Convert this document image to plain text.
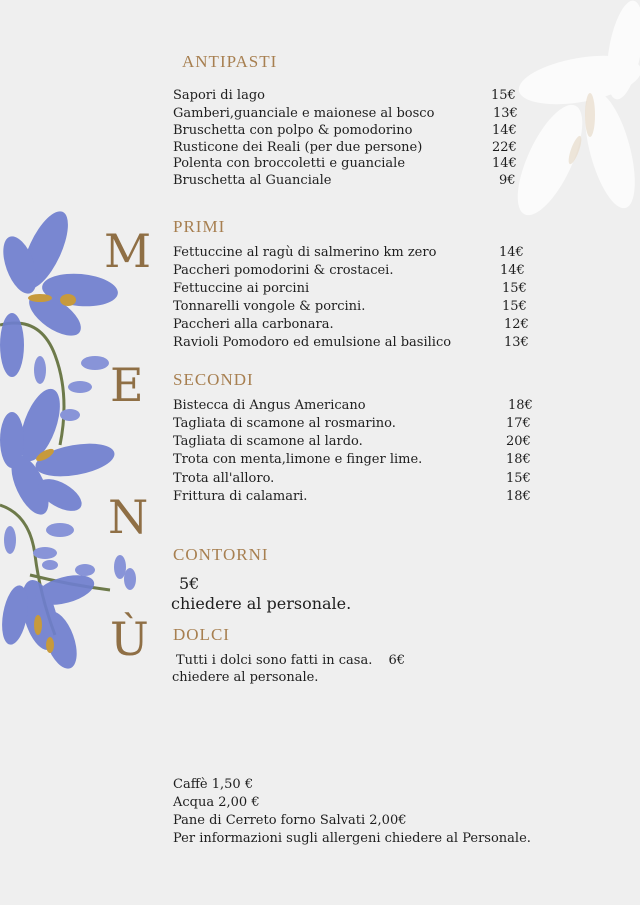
M
E
N
Ù
ANTIPASTI
Sapori di lago	15€
Gamberi,guanciale e maionese al bosco	13€
Bruschetta con polpo & pomodorino	14€
Rusticone dei Reali (per due persone)	22€
Polenta con broccoletti e guanciale	14€
Bruschetta al Guanciale	9€
PRIMI
Fettuccine al ragù di salmerino km zero	14€
Paccheri pomodorini & crostacei.	14€
Fettuccine ai porcini	15€
Tonnarelli vongole & porcini.	15€
Paccheri alla carbonara.	12€
Ravioli Pomodoro ed emulsione al basilico	13€
SECONDI
Bistecca di Angus Americano	18€
Tagliata di scamone al rosmarino.	17€
Tagliata di scamone al lardo.	20€
Trota con menta,limone e finger lime.	18€
Trota all'alloro.	15€
Frittura di calamari.	18€
CONTORNI
5€
chiedere al personale.
DOLCI
Tutti i dolci sono fatti in casa. 6€
chiedere al personale.
Caffè 1,50 €
Acqua 2,00 €
Pane di Cerreto forno Salvati 2,00€
Per informazioni sugli allergeni chiedere al Personale.
